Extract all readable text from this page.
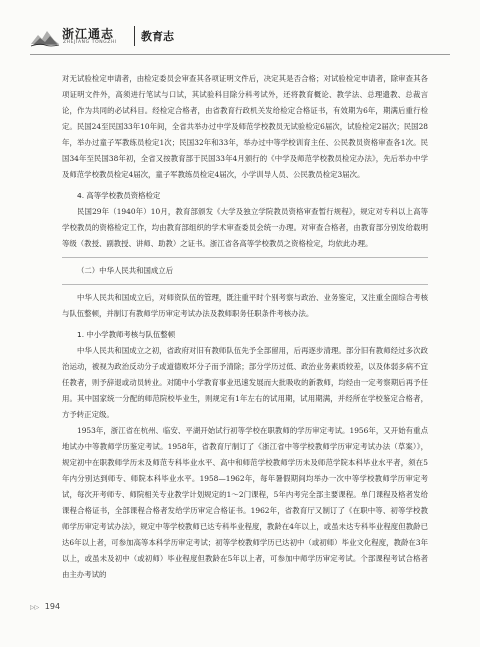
浙江通志
ZHEJIANG TONGZHI 教育志

对无试验检定申请者，由检定委员会审查其各项证明文件后，决定其是否合格；对试验检定申请者，除审查其各项证明文件外，高须进行笔试与口试，其试验科目除分科考试外，还将教育概论、教学法、总理遗教、总裁言论，作为共同的必试科目。经检定合格者，由省教育行政机关发给检定合格证书，有效期为6年，期满后重行检定。民国24至民国33年10年间，全省共举办过中学及师范学校教员无试验检定6届次，试验检定2届次；民国28年，举办过童子军教练员检定1次；民国32年和33年，举办过中等学校训育主任、公民教员资格审查各1次。民国34年至民国38年初，全省又按教育部于民国33年4月颁行的《中学及师范学校教员检定办法》，先后举办中学及师范学校教员检定4届次，童子军教练员检定4届次，小学训导人员、公民教员检定3届次。

4. 高等学校教员资格检定

民国29年（1940年）10月，教育部颁发《大学及独立学院教员资格审查暂行规程》，规定对专科以上高等学校教员的资格检定工作，均由教育部组织的学术审查委员会统一办理。对审查合格者，由教育部分别发给载明等级（教授、副教授、讲师、助教）之证书。浙江省各高等学校教员之资格检定，均依此办理。

（二）中华人民共和国成立后

中华人民共和国成立后，对师资队伍的管理，既注重平时个别考察与政治、业务鉴定，又注重全面综合考核与队伍整顿，并制订有教师学历审定考试办法及教师职务任职条件考核办法。

1. 中小学教师考核与队伍整顿

中华人民共和国成立之初，省政府对旧有教师队伍先予全部留用，后再逐步清理。部分旧有教师经过多次政治运动，被视为政治反动分子或道德败坏分子而予清除；部分学历过低、政治业务素质较差，以及体弱多病不宜任教者，则予辞退或动员转业。对随中小学教育事业迅速发展而大批吸收的新教师，均经由一定考察期后再予任用。其中国家统一分配的师范院校毕业生，则规定有1年左右的试用期，试用期满，并经所在学校鉴定合格者，方予转正定级。

1953年，浙江省在杭州、临安、平湖开始试行初等学校在职教师的学历审定考试。1956年，又开始有重点地试办中等教师学历鉴定考试。1958年，省教育厅制订了《浙江省中等学校教师学历审定考试办法（草案）》，规定初中在职教师学历未及师范专科毕业水平、高中和师范学校教师学历未及师范学院本科毕业水平者，须在5年内分别达到师专、师院本科毕业水平。1958—1962年，每年暑假期间均举办一次中等学校教师学历审定考试，每次开考师专、师院相关专业教学计划规定的1～2门课程，5年内考完全部主要课程。单门课程及格者发给课程合格证书，全部课程合格者发给学历审定合格证书。1962年，省教育厅又制订了《在职中等、初等学校教师学历审定考试办法》，规定中等学校教师已达专科毕业程度，教龄在4年以上，或虽未达专科毕业程度但教龄已达6年以上者，可参加高等本科学历审定考试；初等学校教师学历已达初中（或初师）毕业文化程度，教龄在3年以上，或虽未及初中（或初师）毕业程度但教龄在5年以上者，可参加中师学历审定考试。个部课程考试合格者由主办考试的

▷▷ 194
